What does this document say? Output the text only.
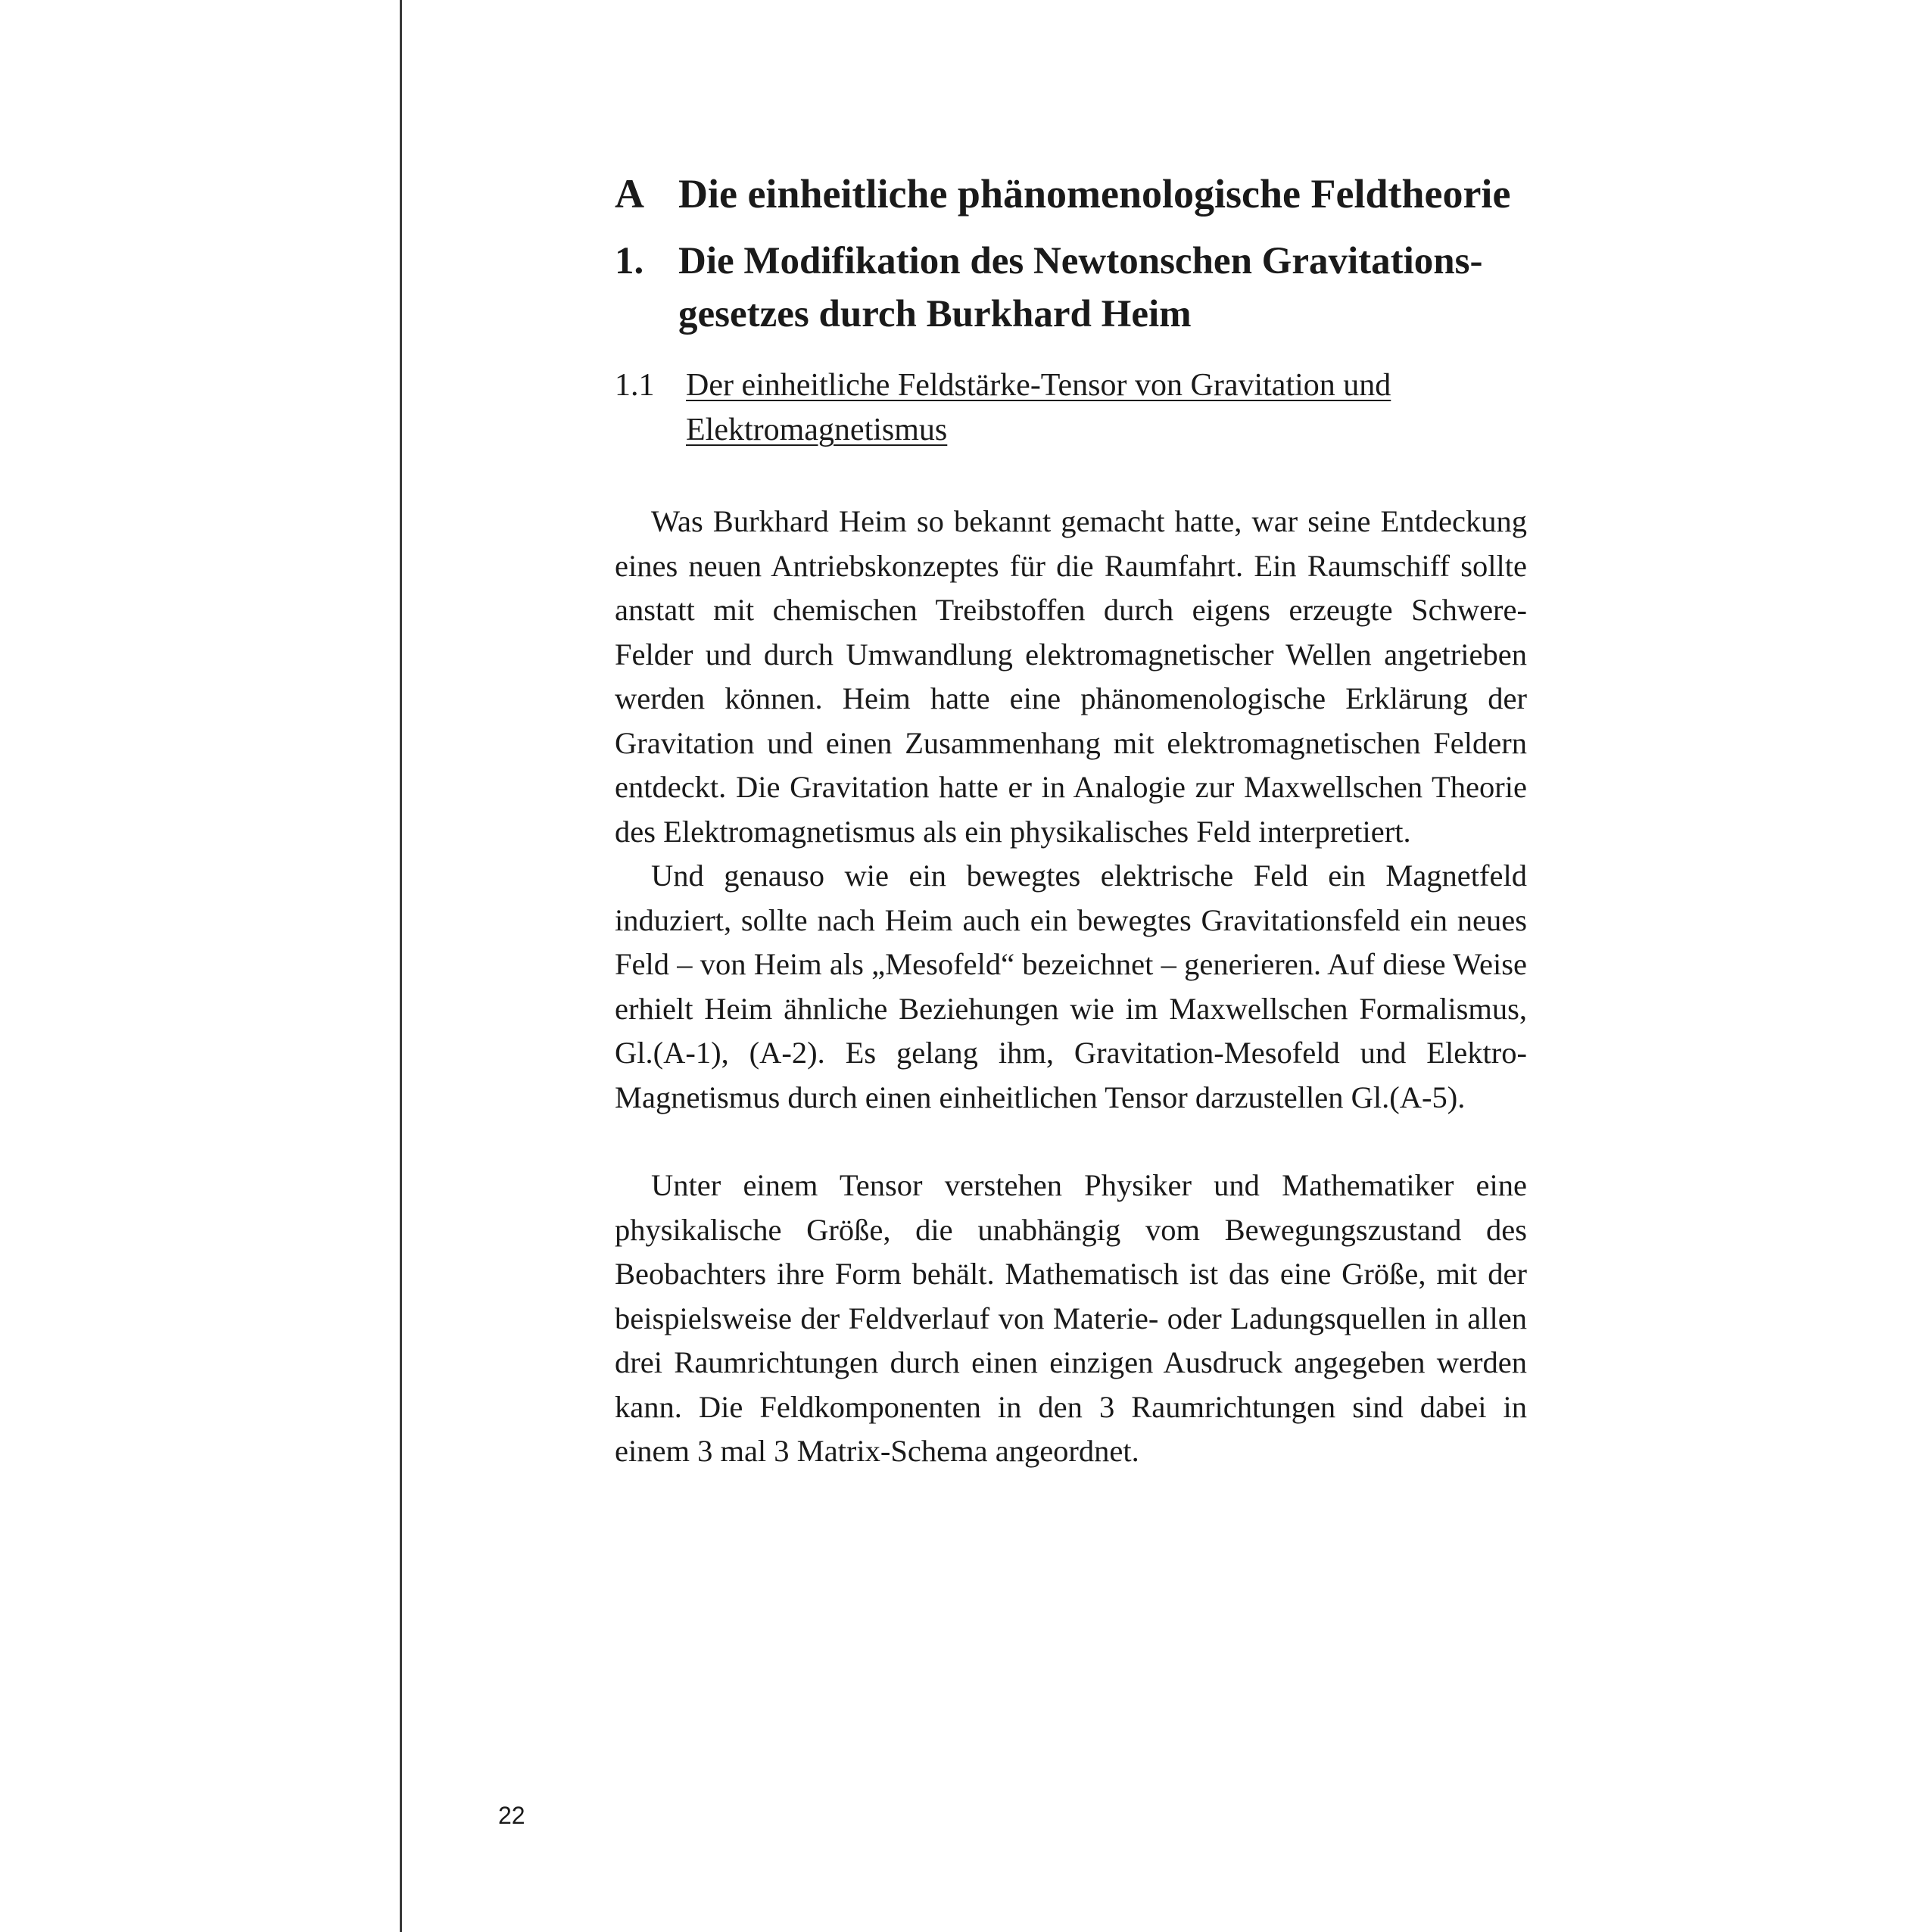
A Die einheitliche phänomenologische Feldtheorie
1. Die Modifikation des Newtonschen Gravitations-gesetzes durch Burkhard Heim
1.1 Der einheitliche Feldstärke-Tensor von Gravitation und Elektromagnetismus

Was Burkhard Heim so bekannt gemacht hatte, war seine Entdeckung eines neuen Antriebskonzeptes für die Raumfahrt. Ein Raumschiff sollte anstatt mit chemischen Treibstoffen durch eigens erzeugte Schwere-Felder und durch Umwandlung elektromagnetischer Wellen angetrieben werden können. Heim hatte eine phänomenologische Erklärung der Gravitation und einen Zusammenhang mit elektromagnetischen Feldern entdeckt. Die Gravitation hatte er in Analogie zur Maxwellschen Theorie des Elektromagnetismus als ein physikalisches Feld interpretiert.

Und genauso wie ein bewegtes elektrische Feld ein Magnetfeld induziert, sollte nach Heim auch ein bewegtes Gravitationsfeld ein neues Feld – von Heim als „Mesofeld“ bezeichnet – generieren. Auf diese Weise erhielt Heim ähnliche Beziehungen wie im Maxwellschen Formalismus, Gl.(A-1), (A-2). Es gelang ihm, Gravitation-Mesofeld und Elektro-Magnetismus durch einen einheitlichen Tensor darzustellen Gl.(A-5).

Unter einem Tensor verstehen Physiker und Mathematiker eine physikalische Größe, die unabhängig vom Bewegungszustand des Beobachters ihre Form behält. Mathematisch ist das eine Größe, mit der beispielsweise der Feldverlauf von Materie- oder Ladungsquellen in allen drei Raumrichtungen durch einen einzigen Ausdruck angegeben werden kann. Die Feldkomponenten in den 3 Raumrichtungen sind dabei in einem 3 mal 3 Matrix-Schema angeordnet.

22
